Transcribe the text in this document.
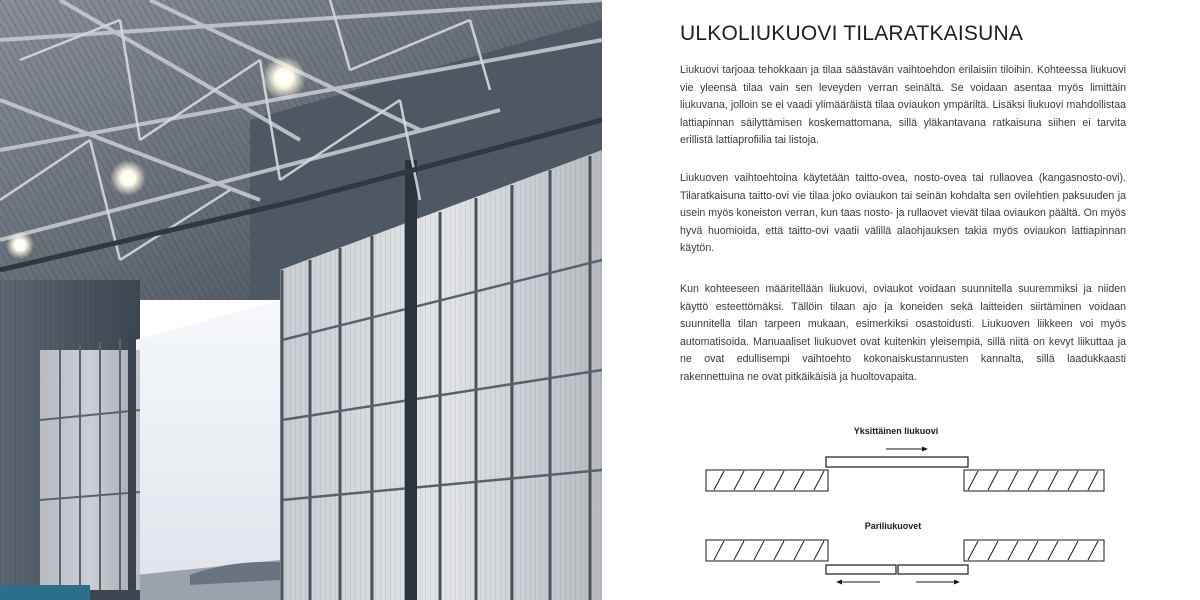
ULKOLIUKUOVI TILARATKAISUNA

Liukuovi tarjoaa tehokkaan ja tilaa säästävän vaihtoehdon erilaisiin tiloihin. Kohteessa liukuovi vie yleensä tilaa vain sen leveyden verran seinältä. Se voidaan asentaa myös limittäin liukuvana, jolloin se ei vaadi ylimääräistä tilaa oviaukon ympäriltä. Lisäksi liukuovi mahdollistaa lattiapinnan säilyttämisen koskemattomana, sillä yläkantavana ratkaisuna siihen ei tarvita erillistä lattiaprofiilia tai listoja.

Liukuoven vaihtoehtoina käytetään taitto-ovea, nosto-ovea tai rullaovea (kangasnosto-ovi). Tilaratkaisuna taitto-ovi vie tilaa joko oviaukon tai seinän kohdalta sen ovilehtien paksuuden ja usein myös koneiston verran, kun taas nosto- ja rullaovet vievät tilaa oviaukon päältä. On myös hyvä huomioida, että taitto-ovi vaatii välillä alaohjauksen takia myös oviaukon lattiapinnan käytön.

Kun kohteeseen määritellään liukuovi, oviaukot voidaan suunnitella suuremmiksi ja niiden käyttö esteettömäksi. Tällöin tilaan ajo ja koneiden sekä laitteiden siirtäminen voidaan suunnitella tilan tarpeen mukaan, esimerkiksi osastoidusti. Liukuoven liikkeen voi myös automatisoida. Manuaaliset liukuovet ovat kuitenkin yleisempiä, sillä niitä on kevyt liikuttaa ja ne ovat edullisempi vaihtoehto kokonaiskustannusten kannalta, sillä laadukkaasti rakennettuina ne ovat pitkäikäisiä ja huoltovapaita.

Yksittäinen liukuovi
Pariliukuovet
